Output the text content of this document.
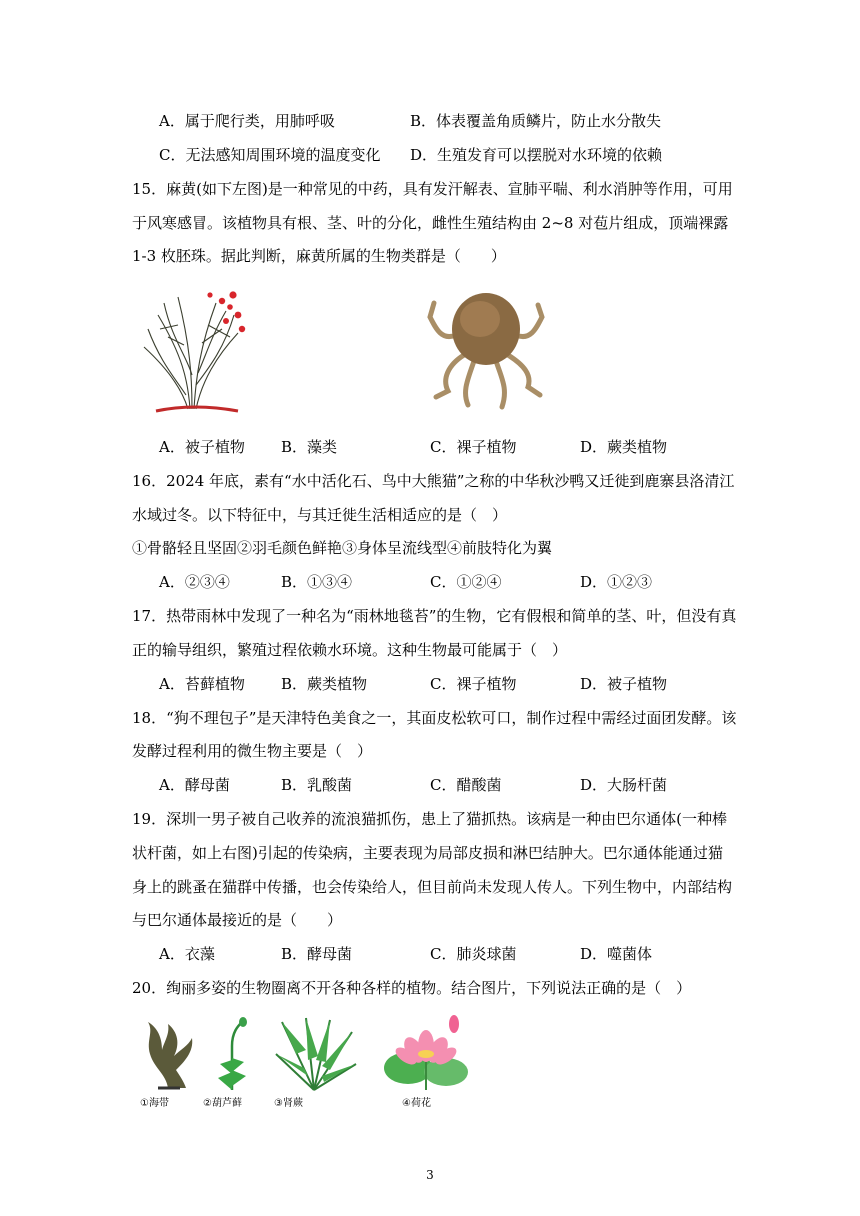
A．属于爬行类，用肺呼吸	B．体表覆盖角质鳞片，防止水分散失
C．无法感知周围环境的温度变化 D．生殖发育可以摆脱对水环境的依赖
15．麻黄(如下左图)是一种常见的中药，具有发汗解表、宣肺平喘、利水消肿等作用，可用
于风寒感冒。该植物具有根、茎、叶的分化，雌性生殖结构由 2~8 对苞片组成，顶端裸露
1-3 枚胚珠。据此判断，麻黄所属的生物类群是（　　）
A．被子植物 B．藻类	C．裸子植物	D．蕨类植物
16．2024 年底，素有“水中活化石、鸟中大熊猫”之称的中华秋沙鸭又迁徙到鹿寨县洛清江
水域过冬。以下特征中，与其迁徙生活相适应的是（　）
①骨骼轻且坚固②羽毛颜色鲜艳③身体呈流线型④前肢特化为翼
A．②③④	B．①③④	C．①②④	D．①②③
17．热带雨林中发现了一种名为“雨林地毯苔”的生物，它有假根和简单的茎、叶，但没有真
正的输导组织，繁殖过程依赖水环境。这种生物最可能属于（　）
A．苔藓植物 B．蕨类植物	C．裸子植物	D．被子植物
18．“狗不理包子”是天津特色美食之一，其面皮松软可口，制作过程中需经过面团发酵。该
发酵过程利用的微生物主要是（　）
A．酵母菌	B．乳酸菌	C．醋酸菌	D．大肠杆菌
19．深圳一男子被自己收养的流浪猫抓伤，患上了猫抓热。该病是一种由巴尔通体(一种棒
状杆菌，如上右图)引起的传染病，主要表现为局部皮损和淋巴结肿大。巴尔通体能通过猫
身上的跳蚤在猫群中传播，也会传染给人，但目前尚未发现人传人。下列生物中，内部结构
与巴尔通体最接近的是（　　）
A．衣藻	B．酵母菌	C．肺炎球菌	D．噬菌体
20．绚丽多姿的生物圈离不开各种各样的植物。结合图片，下列说法正确的是（　）
①海带	②葫芦藓	③肾蕨	④荷花
3
